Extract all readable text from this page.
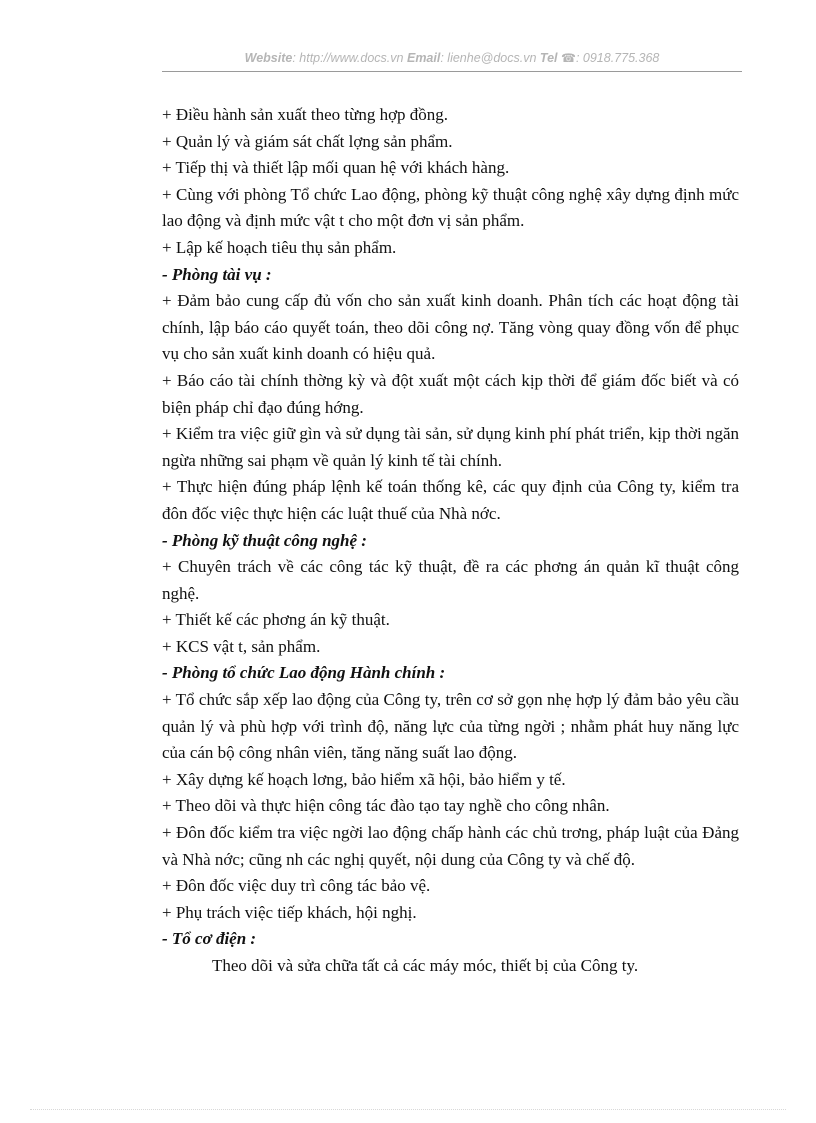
Website: http://www.docs.vn Email: lienhe@docs.vn Tel ☎: 0918.775.368

+ Điều hành sản xuất theo từng hợp đồng.

+ Quản lý và giám sát chất lợng sản phẩm.

+ Tiếp thị và thiết lập mối quan hệ với khách hàng.

+ Cùng với phòng Tổ chức Lao động, phòng kỹ thuật công nghệ xây dựng định mức lao động và định mức vật t cho một đơn vị sản phẩm.

+ Lập kế hoạch tiêu thụ sản phẩm.

- Phòng tài vụ :

+ Đảm bảo cung cấp đủ vốn cho sản xuất kinh doanh. Phân tích các hoạt động tài chính, lập báo cáo quyết toán, theo dõi công nợ. Tăng vòng quay đồng vốn để phục vụ cho sản xuất kinh doanh có hiệu quả.

+ Báo cáo tài chính thờng kỳ và đột xuất một cách kịp thời để giám đốc biết và có biện pháp chỉ đạo đúng hớng.

+ Kiểm tra việc giữ gìn và sử dụng tài sản, sử dụng kinh phí phát triển, kịp thời ngăn ngừa những sai phạm về quản lý kinh tế tài chính.

+ Thực hiện đúng pháp lệnh kế toán thống kê, các quy định của Công ty, kiểm tra đôn đốc việc thực hiện các luật thuế của Nhà nớc.

- Phòng kỹ thuật công nghệ :

+ Chuyên trách về các công tác kỹ thuật, đề ra các phơng án quản kĩ thuật công nghệ.

+ Thiết kế các phơng án kỹ thuật.

+ KCS vật t, sản phẩm.

- Phòng tổ chức Lao động Hành chính :

+ Tổ chức sắp xếp lao động của Công ty, trên cơ sở gọn nhẹ hợp lý đảm bảo yêu cầu quản lý và phù hợp với trình độ, năng lực của từng ngời ; nhằm phát huy năng lực của cán bộ công nhân viên, tăng năng suất lao động.

+ Xây dựng kế hoạch lơng, bảo hiểm xã hội, bảo hiểm y tế.

+ Theo dõi và thực hiện công tác đào tạo tay nghề cho công nhân.

+ Đôn đốc kiểm tra việc ngời lao động chấp hành các chủ trơng, pháp luật của Đảng và Nhà nớc; cũng nh các nghị quyết, nội dung của Công ty và chế độ.

+ Đôn đốc việc duy trì công tác bảo vệ.

+ Phụ trách việc tiếp khách, hội nghị.

- Tổ cơ điện :

Theo dõi và sửa chữa tất cả các máy móc, thiết bị của Công ty.
